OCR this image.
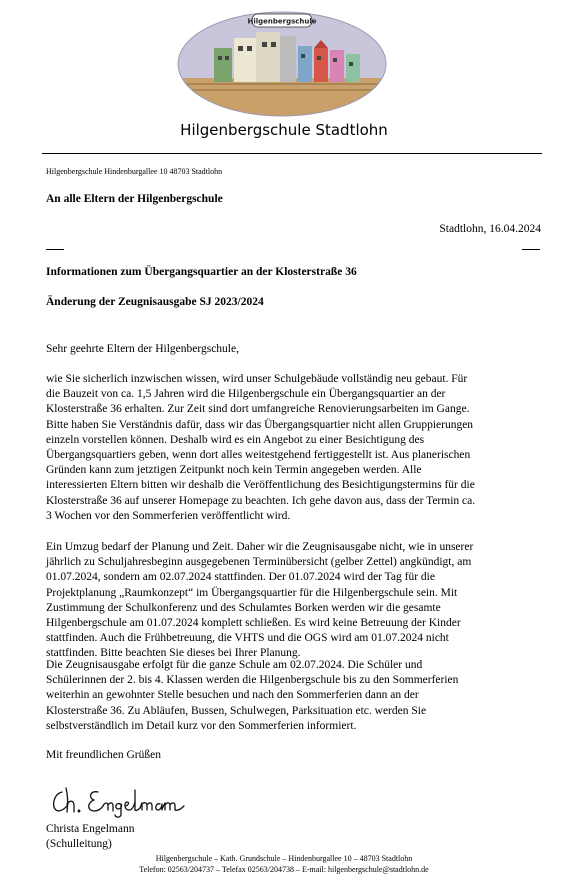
Hilgenbergschule
Hilgenbergschule Stadtlohn
Hilgenbergschule Hindenburgallee 10 48703 Stadtlohn
An alle Eltern der Hilgenbergschule
Stadtlohn, 16.04.2024
Informationen zum Übergangsquartier an der Klosterstraße 36
Änderung der Zeugnisausgabe SJ 2023/2024
Sehr geehrte Eltern der Hilgenbergschule,
wie Sie sicherlich inzwischen wissen, wird unser Schulgebäude vollständig neu gebaut. Für
die Bauzeit von ca. 1,5 Jahren wird die Hilgenbergschule ein Übergangsquartier an der
Klosterstraße 36 erhalten. Zur Zeit sind dort umfangreiche Renovierungsarbeiten im Gange.
Bitte haben Sie Verständnis dafür, dass wir das Übergangsquartier nicht allen Gruppierungen
einzeln vorstellen können. Deshalb wird es ein Angebot zu einer Besichtigung des
Übergangsquartiers geben, wenn dort alles weitestgehend fertiggestellt ist. Aus planerischen
Gründen kann zum jetztigen Zeitpunkt noch kein Termin angegeben werden. Alle
interessierten Eltern bitten wir deshalb die Veröffentlichung des Besichtigungstermins für die
Klosterstraße 36 auf unserer Homepage zu beachten. Ich gehe davon aus, dass der Termin ca.
3 Wochen vor den Sommerferien veröffentlicht wird.
Ein Umzug bedarf der Planung und Zeit. Daher wir die Zeugnisausgabe nicht, wie in unserer
jährlich zu Schuljahresbeginn ausgegebenen Terminübersicht (gelber Zettel) angkündigt, am
01.07.2024, sondern am 02.07.2024 stattfinden. Der 01.07.2024 wird der Tag für die
Projektplanung „Raumkonzept“ im Übergangsquartier für die Hilgenbergschule sein. Mit
Zustimmung der Schulkonferenz und des Schulamtes Borken werden wir die gesamte
Hilgenbergschule am 01.07.2024 komplett schließen. Es wird keine Betreuung der Kinder
stattfinden. Auch die Frühbetreuung, die VHTS und die OGS wird am 01.07.2024 nicht
stattfinden. Bitte beachten Sie dieses bei Ihrer Planung.
Die Zeugnisausgabe erfolgt für die ganze Schule am 02.07.2024. Die Schüler und
Schülerinnen der 2. bis 4. Klassen werden die Hilgenbergschule bis zu den Sommerferien
weiterhin an gewohnter Stelle besuchen und nach den Sommerferien dann an der
Klosterstraße 36. Zu Abläufen, Bussen, Schulwegen, Parksituation etc. werden Sie
selbstverständlich im Detail kurz vor den Sommerferien informiert.
Mit freundlichen Grüßen
Christa Engelmann
(Schulleitung)
Hilgenbergschule – Kath. Grundschule – Hindenburgallee 10 – 48703 Stadtlohn
Telefon: 02563/204737 – Telefax 02563/204738 – E-mail: hilgenbergschule@stadtlohn.de
